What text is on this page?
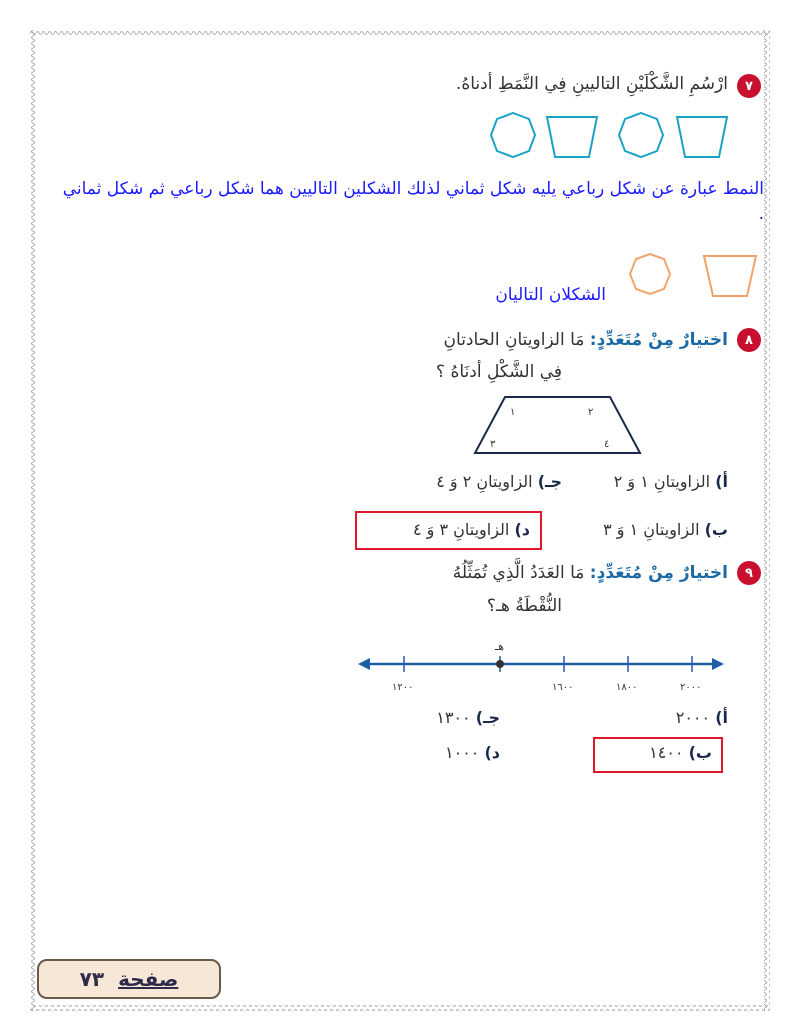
٧
ارْسُمِ الشَّكْلَيْنِ التاليينِ فِي النَّمَطِ أدناهُ.
النمط عبارة عن شكل رباعي يليه شكل ثماني لذلك الشكلين التاليين هما شكل رباعي ثم شكل ثماني .
الشكلان التاليان
٨
اختيارٌ مِنْ مُتَعَدِّدٍ: مَا الزاويتانِ الحادتانِ
فِي الشَّكْلِ أدنَاهُ ؟
١	٢
٣	٤
أ) الزاويتانِ ١ وَ ٢
جـ) الزاويتانِ ٢ وَ ٤
ب) الزاويتانِ ١ وَ ٣
د) الزاويتانِ ٣ وَ ٤
٩
اختيارٌ مِنْ مُتَعَدِّدٍ: مَا العَدَدُ الَّذِي تُمَثِّلُهُ
النُّقْطَةُ هـ؟
هـ
١٢٠٠	١٦٠٠	١٨٠٠	٢٠٠٠
أ) ٢٠٠٠
جـ) ١٣٠٠
ب) ١٤٠٠
د) ١٠٠٠
صفحة
٧٣
